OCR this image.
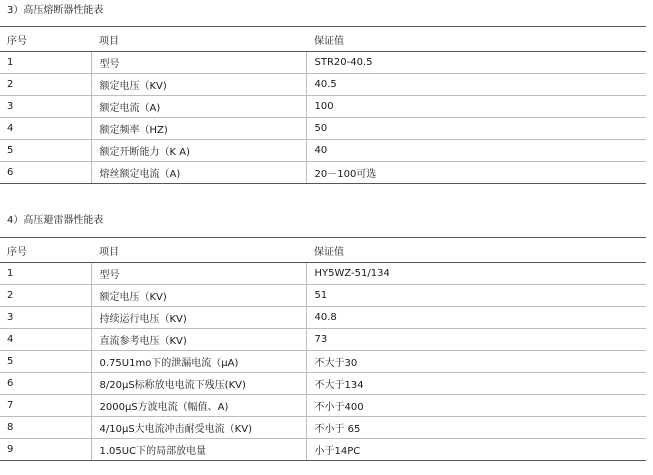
3）高压熔断器性能表
序号	项目	保证值
1	型号	STR20-40.5
2	额定电压（KV)	40.5
3	额定电流（A)	100
4	额定频率（HZ)	50
5	额定开断能力（K A)	40
6	熔丝额定电流（A)	20－100可选
4）高压避雷器性能表
序号	项目	保证值
1	型号	HY5WZ-51/134
2	额定电压（KV)	51
3	持续运行电压（KV)	40.8
4	直流参考电压（KV)	73
5	0.75U1mo下的泄漏电流（μA)	不大于30
6	8/20μS标称放电电流下残压(KV)	不大于134
7	2000μS方波电流（幅值、A)	不小于400
8	4/10μS大电流冲击耐受电流（KV)	不小于 65
9	1.05UC下的局部放电量	小于14PC
